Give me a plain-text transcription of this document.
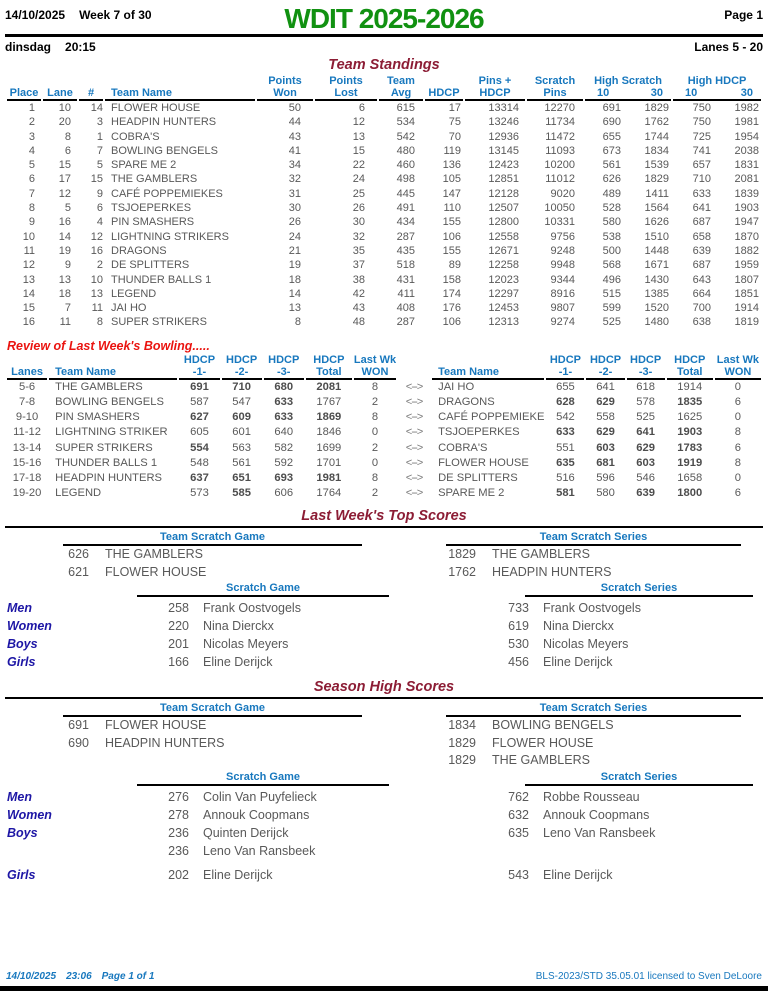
14/10/2025 Week 7 of 30	WDIT 2025-2026	Page 1
dinsdag 20:15	Lanes 5 - 20
Team Standings
				Points	Points	Team		Pins +	Scratch	High Scratch		High HDCP	
Place	Lane	#	Team Name	Won	Lost	Avg	HDCP	HDCP	Pins	10 30		10 30	

1	10	14	FLOWER HOUSE	50	6	615	17	13314	12270	691	1829	750	1982
2	20	3	HEADPIN HUNTERS	44	12	534	75	13246	11734	690	1762	750	1981
3	8	1	COBRA'S	43	13	542	70	12936	11472	655	1744	725	1954
4	6	7	BOWLING BENGELS	41	15	480	119	13145	11093	673	1834	741	2038
5	15	5	SPARE ME 2	34	22	460	136	12423	10200	561	1539	657	1831
6	17	15	THE GAMBLERS	32	24	498	105	12851	11012	626	1829	710	2081
7	12	9	CAFÉ POPPEMIEKES	31	25	445	147	12128	9020	489	1411	633	1839
8	5	6	TSJOEPERKES	30	26	491	110	12507	10050	528	1564	641	1903
9	16	4	PIN SMASHERS	26	30	434	155	12800	10331	580	1626	687	1947
10	14	12	LIGHTNING STRIKERS	24	32	287	106	12558	9756	538	1510	658	1870
11	19	16	DRAGONS	21	35	435	155	12671	9248	500	1448	639	1882
12	9	2	DE SPLITTERS	19	37	518	89	12258	9948	568	1671	687	1959
13	13	10	THUNDER BALLS 1	18	38	431	158	12023	9344	496	1430	643	1807
14	18	13	LEGEND	14	42	411	174	12297	8916	515	1385	664	1851
15	7	11	JAI HO	13	43	408	176	12453	9807	599	1520	700	1914
16	11	8	SUPER STRIKERS	8	48	287	106	12313	9274	525	1480	638	1819
Review of Last Week's Bowling.....
		HDCP	HDCP	HDCP	HDCP	Last Wk			HDCP	HDCP	HDCP	HDCP	Last Wk
Lanes	Team Name	-1-	-2-	-3-	Total	WON		Team Name	-1-	-2-	-3-	Total	WON
5-6	THE GAMBLERS	691	710	680	2081	8	<-->	JAI HO	655	641	618	1914	0
7-8	BOWLING BENGELS	587	547	633	1767	2	<-->	DRAGONS	628	629	578	1835	6
9-10	PIN SMASHERS	627	609	633	1869	8	<-->	CAFÉ POPPEMIEKE	542	558	525	1625	0
11-12	LIGHTNING STRIKER	605	601	640	1846	0	<-->	TSJOEPERKES	633	629	641	1903	8
13-14	SUPER STRIKERS	554	563	582	1699	2	<-->	COBRA'S	551	603	629	1783	6
15-16	THUNDER BALLS 1	548	561	592	1701	0	<-->	FLOWER HOUSE	635	681	603	1919	8
17-18	HEADPIN HUNTERS	637	651	693	1981	8	<-->	DE SPLITTERS	516	596	546	1658	0
19-20	LEGEND	573	585	606	1764	2	<-->	SPARE ME 2	581	580	639	1800	6
Last Week's Top Scores
Team Scratch Game
626	THE GAMBLERS
621	FLOWER HOUSE
Team Scratch Series
1829	THE GAMBLERS
1762	HEADPIN HUNTERS
Scratch Game	Scratch Series
Men	258	Frank Oostvogels	733	Frank Oostvogels
Women	220	Nina Dierckx	619	Nina Dierckx
Boys	201	Nicolas Meyers	530	Nicolas Meyers
Girls	166	Eline Derijck	456	Eline Derijck
Season High Scores
Team Scratch Game
691	FLOWER HOUSE
690	HEADPIN HUNTERS
Team Scratch Series
1834	BOWLING BENGELS
1829	FLOWER HOUSE
1829	THE GAMBLERS
Scratch Game	Scratch Series
Men	276	Colin Van Puyfelieck	762	Robbe Rousseau
Women	278	Annouk Coopmans	632	Annouk Coopmans
Boys	236	Quinten Derijck	635	Leno Van Ransbeek
236	Leno Van Ransbeek
Girls	202	Eline Derijck	543	Eline Derijck
14/10/2025 23:06 Page 1 of 1	BLS-2023/STD 35.05.01 licensed to Sven DeLoore
